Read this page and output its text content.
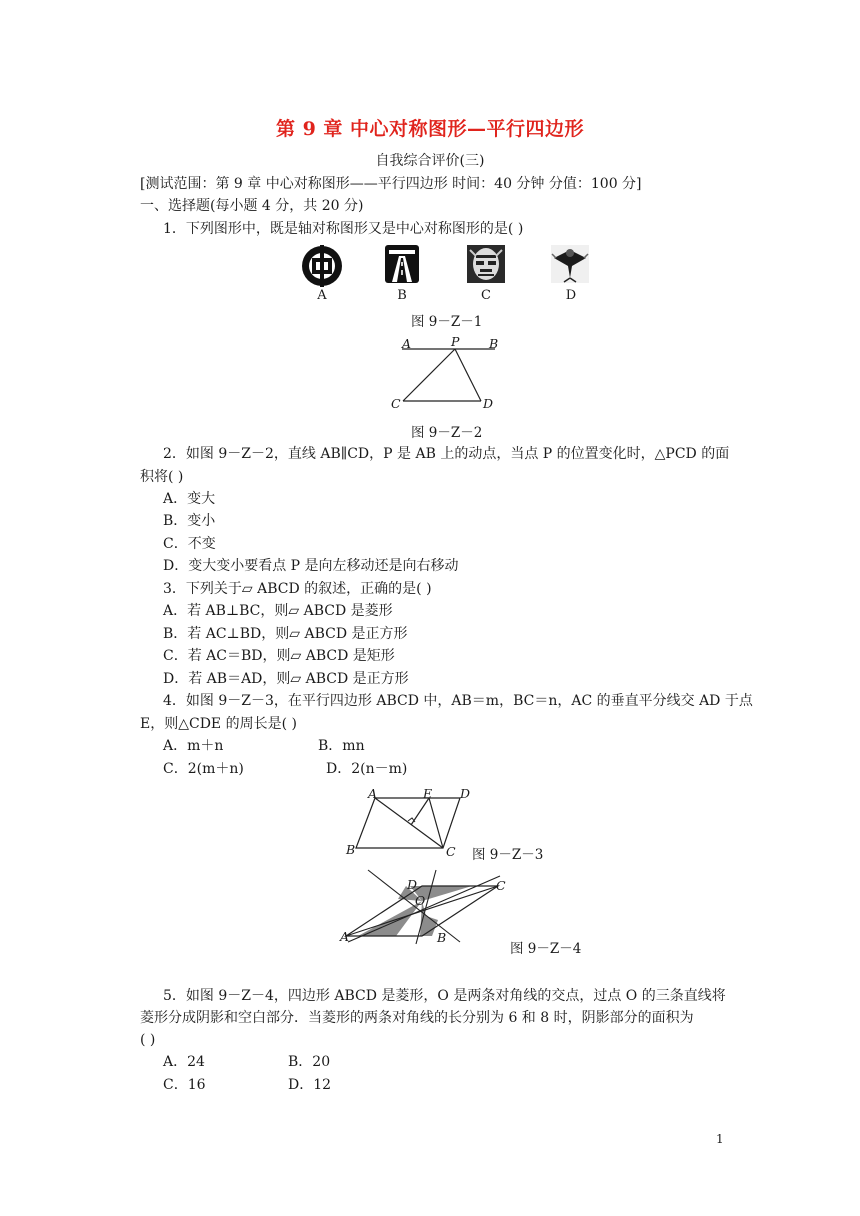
第 9 章 中心对称图形—平行四边形
自我综合评价(三)
[测试范围：第 9 章 中心对称图形——平行四边形 时间：40 分钟 分值：100 分]
一、选择题(每小题 4 分，共 20 分)
1．下列图形中，既是轴对称图形又是中心对称图形的是( )
A	B	C	D
图 9－Z－1
A	P B
C	D
图 9－Z－2
2．如图 9－Z－2，直线 AB∥CD，P 是 AB 上的动点，当点 P 的位置变化时，△PCD 的面
积将( )
A．变大
B．变小
C．不变
D．变大变小要看点 P 是向左移动还是向右移动
3．下列关于▱ ABCD 的叙述，正确的是( )
A．若 AB⊥BC，则▱ ABCD 是菱形
B．若 AC⊥BD，则▱ ABCD 是正方形
C．若 AC＝BD，则▱ ABCD 是矩形
D．若 AB＝AD，则▱ ABCD 是正方形
4．如图 9－Z－3，在平行四边形 ABCD 中，AB＝m，BC＝n，AC 的垂直平分线交 AD 于点
E，则△CDE 的周长是( )
A．m＋n	B．mn
C．2(m＋n)	D．2(n－m)
A	E D
B	C 图 9－Z－3
D	C
O
A	B
图 9－Z－4
5．如图 9－Z－4，四边形 ABCD 是菱形，O 是两条对角线的交点，过点 O 的三条直线将
菱形分成阴影和空白部分．当菱形的两条对角线的长分别为 6 和 8 时，阴影部分的面积为
( )
A．24	B．20
C．16	D．12
1
